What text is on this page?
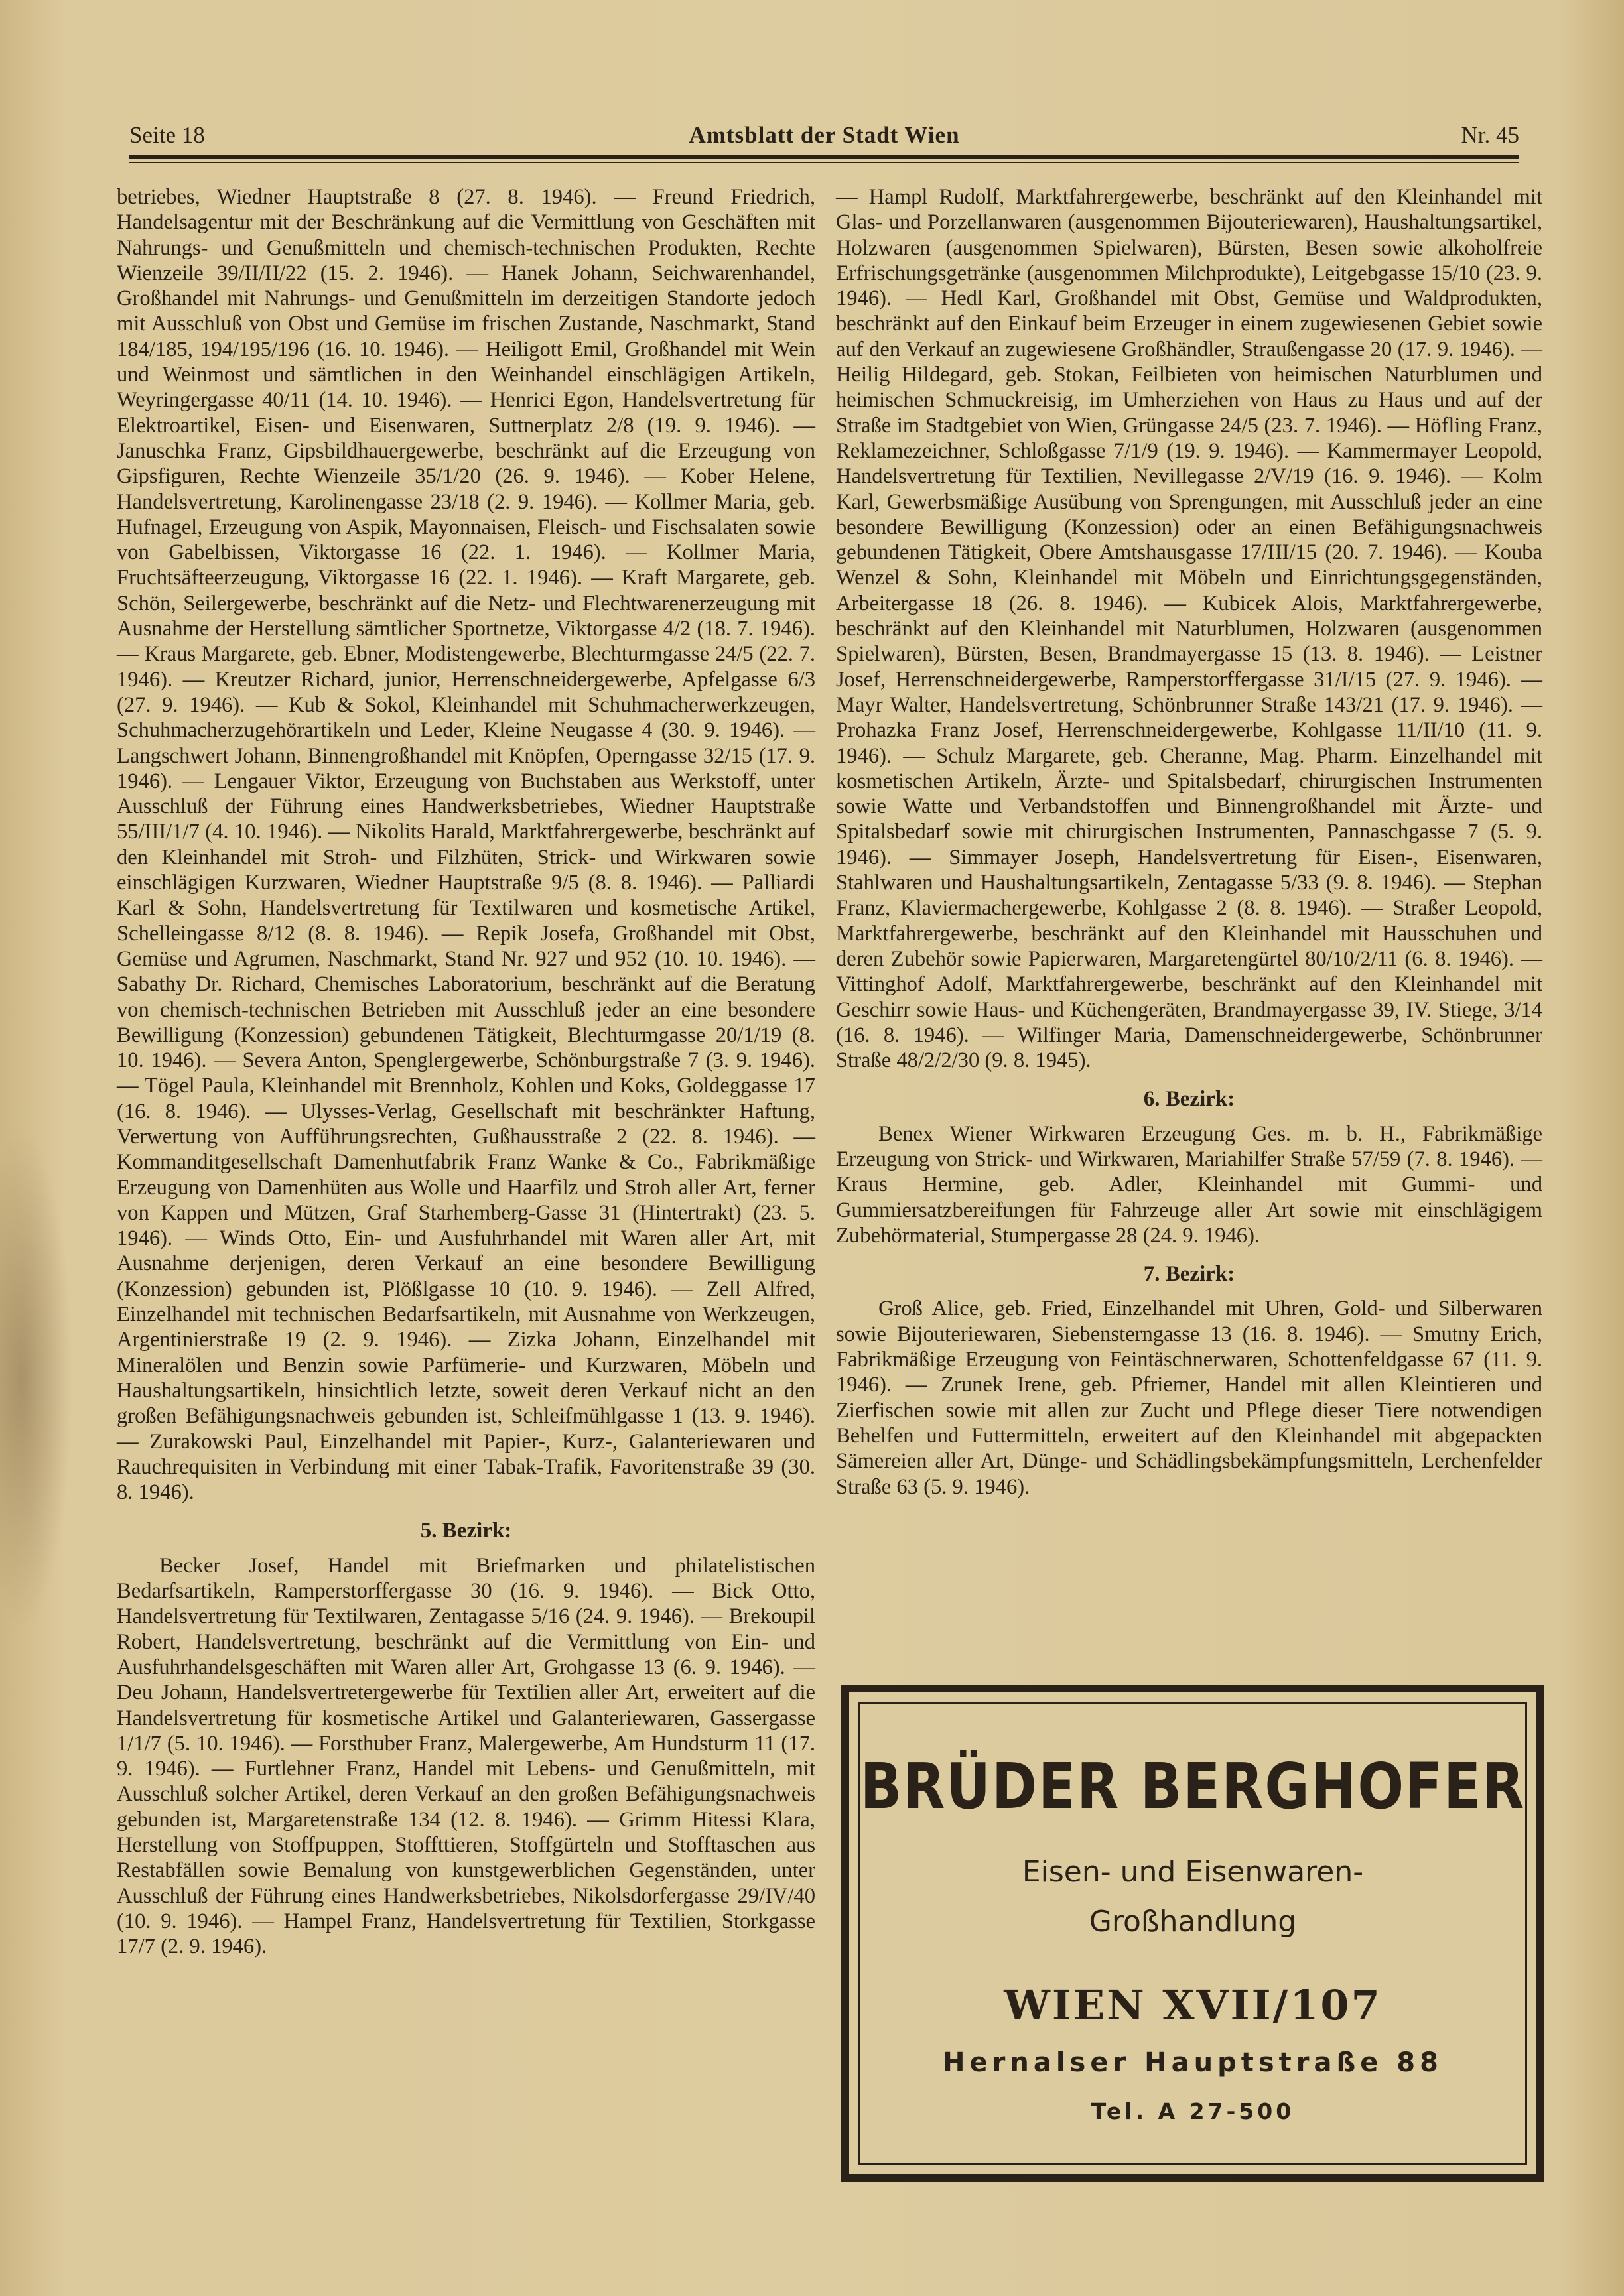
Seite 18	Amtsblatt der Stadt Wien	Nr. 45

betriebes, Wiedner Hauptstraße 8 (27. 8. 1946). — Freund Friedrich, Handelsagentur mit der Beschränkung auf die Vermittlung von Geschäften mit Nahrungs- und Genußmitteln und chemisch-technischen Produkten, Rechte Wienzeile 39/II/II/22 (15. 2. 1946). — Hanek Johann, Seichwarenhandel, Großhandel mit Nahrungs- und Genußmitteln im derzeitigen Standorte jedoch mit Ausschluß von Obst und Gemüse im frischen Zustande, Naschmarkt, Stand 184/185, 194/195/196 (16. 10. 1946). — Heiligott Emil, Großhandel mit Wein und Weinmost und sämtlichen in den Weinhandel einschlägigen Artikeln, Weyringergasse 40/11 (14. 10. 1946). — Henrici Egon, Handelsvertretung für Elektroartikel, Eisen- und Eisenwaren, Suttnerplatz 2/8 (19. 9. 1946). — Januschka Franz, Gipsbildhauergewerbe, beschränkt auf die Erzeugung von Gipsfiguren, Rechte Wienzeile 35/1/20 (26. 9. 1946). — Kober Helene, Handelsvertretung, Karolinengasse 23/18 (2. 9. 1946). — Kollmer Maria, geb. Hufnagel, Erzeugung von Aspik, Mayonnaisen, Fleisch- und Fischsalaten sowie von Gabelbissen, Viktorgasse 16 (22. 1. 1946). — Kollmer Maria, Fruchtsäfteerzeugung, Viktorgasse 16 (22. 1. 1946). — Kraft Margarete, geb. Schön, Seilergewerbe, beschränkt auf die Netz- und Flechtwarenerzeugung mit Ausnahme der Herstellung sämtlicher Sportnetze, Viktorgasse 4/2 (18. 7. 1946). — Kraus Margarete, geb. Ebner, Modistengewerbe, Blechturmgasse 24/5 (22. 7. 1946). — Kreutzer Richard, junior, Herrenschneidergewerbe, Apfelgasse 6/3 (27. 9. 1946). — Kub & Sokol, Kleinhandel mit Schuhmacherwerkzeugen, Schuhmacherzugehörartikeln und Leder, Kleine Neugasse 4 (30. 9. 1946). — Langschwert Johann, Binnengroßhandel mit Knöpfen, Operngasse 32/15 (17. 9. 1946). — Lengauer Viktor, Erzeugung von Buchstaben aus Werkstoff, unter Ausschluß der Führung eines Handwerksbetriebes, Wiedner Hauptstraße 55/III/1/7 (4. 10. 1946). — Nikolits Harald, Marktfahrergewerbe, beschränkt auf den Kleinhandel mit Stroh- und Filzhüten, Strick- und Wirkwaren sowie einschlägigen Kurzwaren, Wiedner Hauptstraße 9/5 (8. 8. 1946). — Palliardi Karl & Sohn, Handelsvertretung für Textilwaren und kosmetische Artikel, Schelleingasse 8/12 (8. 8. 1946). — Repik Josefa, Großhandel mit Obst, Gemüse und Agrumen, Naschmarkt, Stand Nr. 927 und 952 (10. 10. 1946). — Sabathy Dr. Richard, Chemisches Laboratorium, beschränkt auf die Beratung von chemisch-technischen Betrieben mit Ausschluß jeder an eine besondere Bewilligung (Konzession) gebundenen Tätigkeit, Blechturmgasse 20/1/19 (8. 10. 1946). — Severa Anton, Spenglergewerbe, Schönburgstraße 7 (3. 9. 1946). — Tögel Paula, Kleinhandel mit Brennholz, Kohlen und Koks, Goldeggasse 17 (16. 8. 1946). — Ulysses-Verlag, Gesellschaft mit beschränkter Haftung, Verwertung von Aufführungsrechten, Gußhausstraße 2 (22. 8. 1946). — Kommanditgesellschaft Damenhutfabrik Franz Wanke & Co., Fabrikmäßige Erzeugung von Damenhüten aus Wolle und Haarfilz und Stroh aller Art, ferner von Kappen und Mützen, Graf Starhemberg-Gasse 31 (Hintertrakt) (23. 5. 1946). — Winds Otto, Ein- und Ausfuhrhandel mit Waren aller Art, mit Ausnahme derjenigen, deren Verkauf an eine besondere Bewilligung (Konzession) gebunden ist, Plößlgasse 10 (10. 9. 1946). — Zell Alfred, Einzelhandel mit technischen Bedarfsartikeln, mit Ausnahme von Werkzeugen, Argentinierstraße 19 (2. 9. 1946). — Zizka Johann, Einzelhandel mit Mineralölen und Benzin sowie Parfümerie- und Kurzwaren, Möbeln und Haushaltungsartikeln, hinsichtlich letzte, soweit deren Verkauf nicht an den großen Befähigungsnachweis gebunden ist, Schleifmühlgasse 1 (13. 9. 1946). — Zurakowski Paul, Einzelhandel mit Papier-, Kurz-, Galanteriewaren und Rauchrequisiten in Verbindung mit einer Tabak-Trafik, Favoritenstraße 39 (30. 8. 1946).

5. Bezirk:

Becker Josef, Handel mit Briefmarken und philatelistischen Bedarfsartikeln, Ramperstorffergasse 30 (16. 9. 1946). — Bick Otto, Handelsvertretung für Textilwaren, Zentagasse 5/16 (24. 9. 1946). — Brekoupil Robert, Handelsvertretung, beschränkt auf die Vermittlung von Ein- und Ausfuhrhandelsgeschäften mit Waren aller Art, Grohgasse 13 (6. 9. 1946). — Deu Johann, Handelsvertretergewerbe für Textilien aller Art, erweitert auf die Handelsvertretung für kosmetische Artikel und Galanteriewaren, Gassergasse 1/1/7 (5. 10. 1946). — Forsthuber Franz, Malergewerbe, Am Hundsturm 11 (17. 9. 1946). — Furtlehner Franz, Handel mit Lebens- und Genußmitteln, mit Ausschluß solcher Artikel, deren Verkauf an den großen Befähigungsnachweis gebunden ist, Margaretenstraße 134 (12. 8. 1946). — Grimm Hitessi Klara, Herstellung von Stoffpuppen, Stoffttieren, Stoffgürteln und Stofftaschen aus Restabfällen sowie Bemalung von kunstgewerblichen Gegenständen, unter Ausschluß der Führung eines Handwerksbetriebes, Nikolsdorfergasse 29/IV/40 (10. 9. 1946). — Hampel Franz, Handelsvertretung für Textilien, Storkgasse 17/7 (2. 9. 1946).

— Hampl Rudolf, Marktfahrergewerbe, beschränkt auf den Kleinhandel mit Glas- und Porzellanwaren (ausgenommen Bijouteriewaren), Haushaltungsartikel, Holzwaren (ausgenommen Spielwaren), Bürsten, Besen sowie alkoholfreie Erfrischungsgetränke (ausgenommen Milchprodukte), Leitgebgasse 15/10 (23. 9. 1946). — Hedl Karl, Großhandel mit Obst, Gemüse und Waldprodukten, beschränkt auf den Einkauf beim Erzeuger in einem zugewiesenen Gebiet sowie auf den Verkauf an zugewiesene Großhändler, Straußengasse 20 (17. 9. 1946). — Heilig Hildegard, geb. Stokan, Feilbieten von heimischen Naturblumen und heimischen Schmuckreisig, im Umherziehen von Haus zu Haus und auf der Straße im Stadtgebiet von Wien, Grüngasse 24/5 (23. 7. 1946). — Höfling Franz, Reklamezeichner, Schloßgasse 7/1/9 (19. 9. 1946). — Kammermayer Leopold, Handelsvertretung für Textilien, Nevillegasse 2/V/19 (16. 9. 1946). — Kolm Karl, Gewerbsmäßige Ausübung von Sprengungen, mit Ausschluß jeder an eine besondere Bewilligung (Konzession) oder an einen Befähigungsnachweis gebundenen Tätigkeit, Obere Amtshausgasse 17/III/15 (20. 7. 1946). — Kouba Wenzel & Sohn, Kleinhandel mit Möbeln und Einrichtungsgegenständen, Arbeitergasse 18 (26. 8. 1946). — Kubicek Alois, Marktfahrergewerbe, beschränkt auf den Kleinhandel mit Naturblumen, Holzwaren (ausgenommen Spielwaren), Bürsten, Besen, Brandmayergasse 15 (13. 8. 1946). — Leistner Josef, Herrenschneidergewerbe, Ramperstorffergasse 31/I/15 (27. 9. 1946). — Mayr Walter, Handelsvertretung, Schönbrunner Straße 143/21 (17. 9. 1946). — Prohazka Franz Josef, Herrenschneidergewerbe, Kohlgasse 11/II/10 (11. 9. 1946). — Schulz Margarete, geb. Cheranne, Mag. Pharm. Einzelhandel mit kosmetischen Artikeln, Ärzte- und Spitalsbedarf, chirurgischen Instrumenten sowie Watte und Verbandstoffen und Binnengroßhandel mit Ärzte- und Spitalsbedarf sowie mit chirurgischen Instrumenten, Pannaschgasse 7 (5. 9. 1946). — Simmayer Joseph, Handelsvertretung für Eisen-, Eisenwaren, Stahlwaren und Haushaltungsartikeln, Zentagasse 5/33 (9. 8. 1946). — Stephan Franz, Klaviermachergewerbe, Kohlgasse 2 (8. 8. 1946). — Straßer Leopold, Marktfahrergewerbe, beschränkt auf den Kleinhandel mit Hausschuhen und deren Zubehör sowie Papierwaren, Margaretengürtel 80/10/2/11 (6. 8. 1946). — Vittinghof Adolf, Marktfahrergewerbe, beschränkt auf den Kleinhandel mit Geschirr sowie Haus- und Küchengeräten, Brandmayergasse 39, IV. Stiege, 3/14 (16. 8. 1946). — Wilfinger Maria, Damenschneidergewerbe, Schönbrunner Straße 48/2/2/30 (9. 8. 1945).

6. Bezirk:

Benex Wiener Wirkwaren Erzeugung Ges. m. b. H., Fabrikmäßige Erzeugung von Strick- und Wirkwaren, Mariahilfer Straße 57/59 (7. 8. 1946). — Kraus Hermine, geb. Adler, Kleinhandel mit Gummi- und Gummiersatzbereifungen für Fahrzeuge aller Art sowie mit einschlägigem Zubehörmaterial, Stumpergasse 28 (24. 9. 1946).

7. Bezirk:

Groß Alice, geb. Fried, Einzelhandel mit Uhren, Gold- und Silberwaren sowie Bijouteriewaren, Siebensterngasse 13 (16. 8. 1946). — Smutny Erich, Fabrikmäßige Erzeugung von Feintäschnerwaren, Schottenfeldgasse 67 (11. 9. 1946). — Zrunek Irene, geb. Pfriemer, Handel mit allen Kleintieren und Zierfischen sowie mit allen zur Zucht und Pflege dieser Tiere notwendigen Behelfen und Futtermitteln, erweitert auf den Kleinhandel mit abgepackten Sämereien aller Art, Dünge- und Schädlingsbekämpfungsmitteln, Lerchenfelder Straße 63 (5. 9. 1946).

BRÜDER BERGHOFER
Eisen- und Eisenwaren-
Großhandlung
WIEN XVII/107
Hernalser Hauptstraße 88
Tel. A 27-500
